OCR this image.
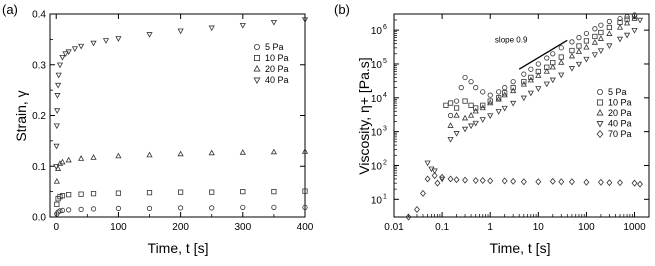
(a)
0	100	200	300	400
0.0
0.1
0.2
0.3
0.4
5 Pa
10 Pa
20 Pa
40 Pa
Time, t [s]
Strain, γ
(b)
0.01	0.1	1	10	100	1000
10 1
10 2
10 3
10 4
10 5
10 6
slope 0.9
5 Pa
10 Pa
20 Pa
40 Pa
70 Pa
Time, t [s]
Viscosity, η+ [Pa.s]
